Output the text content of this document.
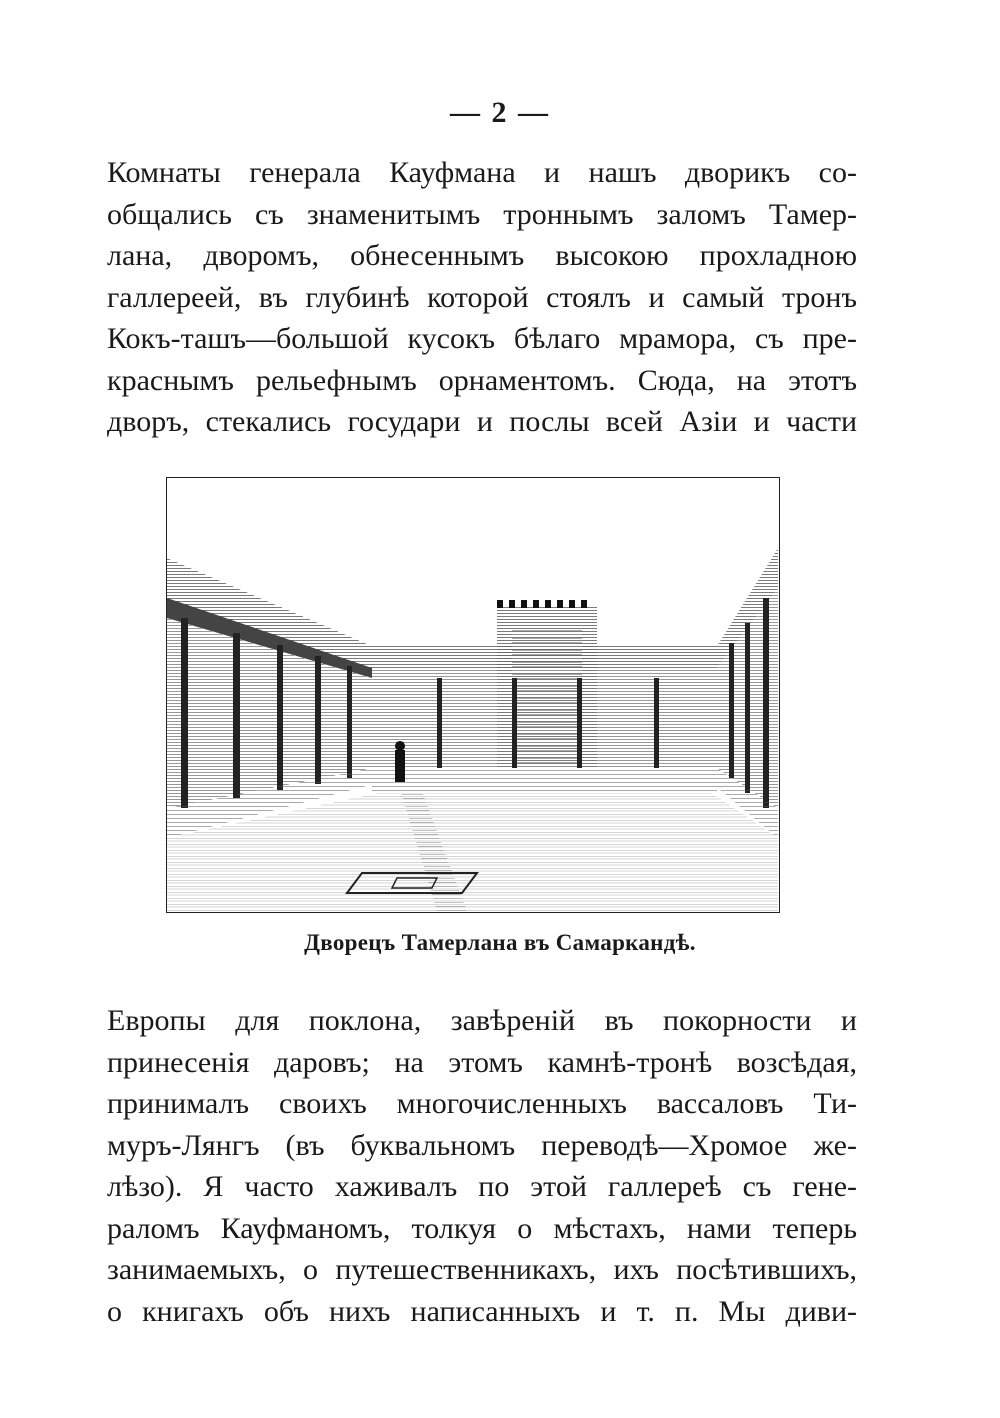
— 2 —
Комнаты генерала Кауфмана и нашъ дворикъ со-
общались съ знаменитымъ троннымъ заломъ Тамер-
лана, дворомъ, обнесеннымъ высокою прохладною
галлереей, въ глубинѣ которой стоялъ и самый тронъ
Кокъ-ташъ—большой кусокъ бѣлаго мрамора, съ пре-
краснымъ рельефнымъ орнаментомъ. Сюда, на этотъ
дворъ, стекались государи и послы всей Азіи и части
Дворецъ Тамерлана въ Самаркандѣ.
Европы для поклона, завѣреній въ покорности и
принесенія даровъ; на этомъ камнѣ-тронѣ возсѣдая,
принималъ своихъ многочисленныхъ вассаловъ Ти-
муръ-Лянгъ (въ буквальномъ переводѣ—Хромое же-
лѣзо). Я часто хаживалъ по этой галлереѣ съ гене-
раломъ Кауфманомъ, толкуя о мѣстахъ, нами теперь
занимаемыхъ, о путешественникахъ, ихъ посѣтившихъ,
о книгахъ объ нихъ написанныхъ и т. п. Мы диви-
